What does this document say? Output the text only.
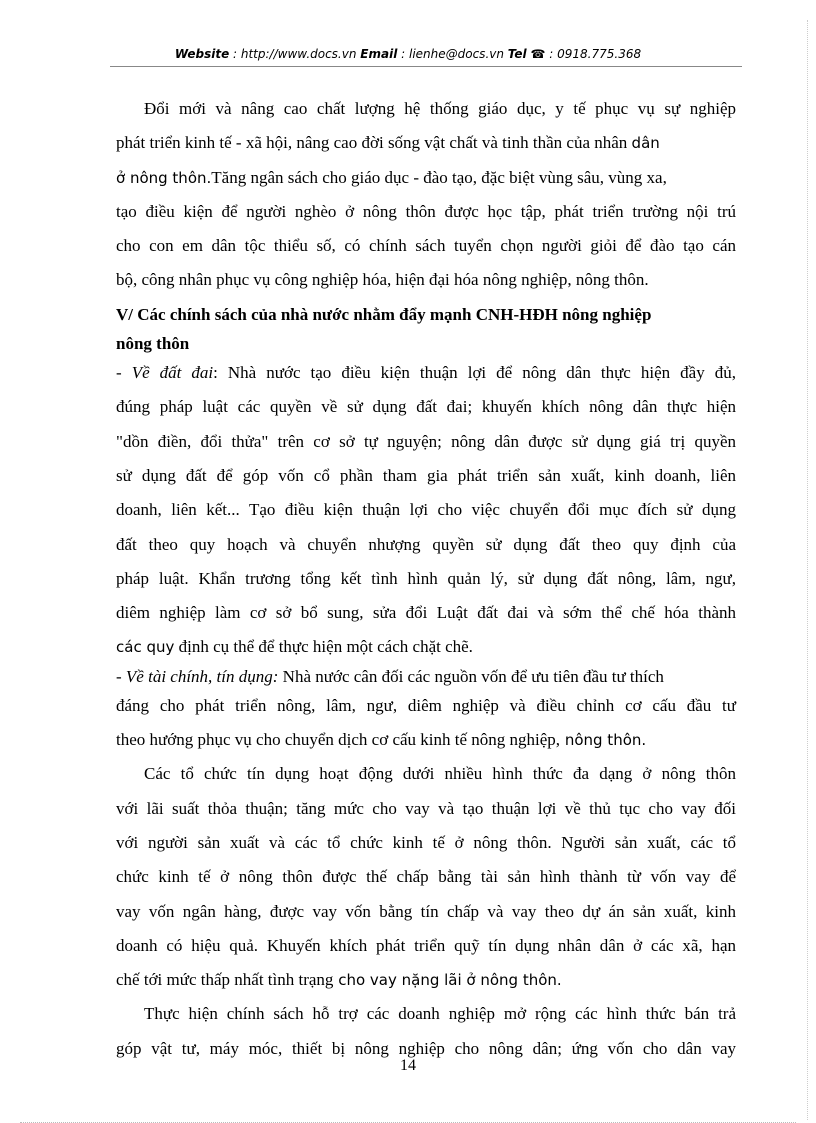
Website : http://www.docs.vn Email : lienhe@docs.vn Tel ☎ : 0918.775.368
Đổi mới và nâng cao chất lượng hệ thống giáo dục, y tế phục vụ sự nghiệp
phát triển kinh tế - xã hội, nâng cao đời sống vật chất và tinh thần của nhân dân
ở nông thôn.Tăng ngân sách cho giáo dục - đào tạo, đặc biệt vùng sâu, vùng xa,
tạo điều kiện để người nghèo ở nông thôn được học tập, phát triển trường nội trú
cho con em dân tộc thiểu số, có chính sách tuyển chọn người giỏi để đào tạo cán
bộ, công nhân phục vụ công nghiệp hóa, hiện đại hóa nông nghiệp, nông thôn.
V/ Các chính sách của nhà nước nhằm đẩy mạnh CNH-HĐH nông nghiệp
nông thôn
- Về đất đai: Nhà nước tạo điều kiện thuận lợi để nông dân thực hiện đầy đủ,
đúng pháp luật các quyền về sử dụng đất đai; khuyến khích nông dân thực hiện
"dồn điền, đổi thửa" trên cơ sở tự nguyện; nông dân được sử dụng giá trị quyền
sử dụng đất để góp vốn cổ phần tham gia phát triển sản xuất, kinh doanh, liên
doanh, liên kết... Tạo điều kiện thuận lợi cho việc chuyển đổi mục đích sử dụng
đất theo quy hoạch và chuyển nhượng quyền sử dụng đất theo quy định của
pháp luật. Khẩn trương tổng kết tình hình quản lý, sử dụng đất nông, lâm, ngư,
diêm nghiệp làm cơ sở bổ sung, sửa đổi Luật đất đai và sớm thể chế hóa thành
các quy định cụ thể để thực hiện một cách chặt chẽ.
- Về tài chính, tín dụng: Nhà nước cân đối các nguồn vốn để ưu tiên đầu tư thích
đáng cho phát triển nông, lâm, ngư, diêm nghiệp và điều chỉnh cơ cấu đầu tư
theo hướng phục vụ cho chuyển dịch cơ cấu kinh tế nông nghiệp, nông thôn.
Các tổ chức tín dụng hoạt động dưới nhiều hình thức đa dạng ở nông thôn
với lãi suất thỏa thuận; tăng mức cho vay và tạo thuận lợi về thủ tục cho vay đối
với người sản xuất và các tổ chức kinh tế ở nông thôn. Người sản xuất, các tổ
chức kinh tế ở nông thôn được thế chấp bằng tài sản hình thành từ vốn vay để
vay vốn ngân hàng, được vay vốn bằng tín chấp và vay theo dự án sản xuất, kinh
doanh có hiệu quả. Khuyến khích phát triển quỹ tín dụng nhân dân ở các xã, hạn
chế tới mức thấp nhất tình trạng cho vay nặng lãi ở nông thôn.
Thực hiện chính sách hỗ trợ các doanh nghiệp mở rộng các hình thức bán trả
góp vật tư, máy móc, thiết bị nông nghiệp cho nông dân; ứng vốn cho dân vay
14
